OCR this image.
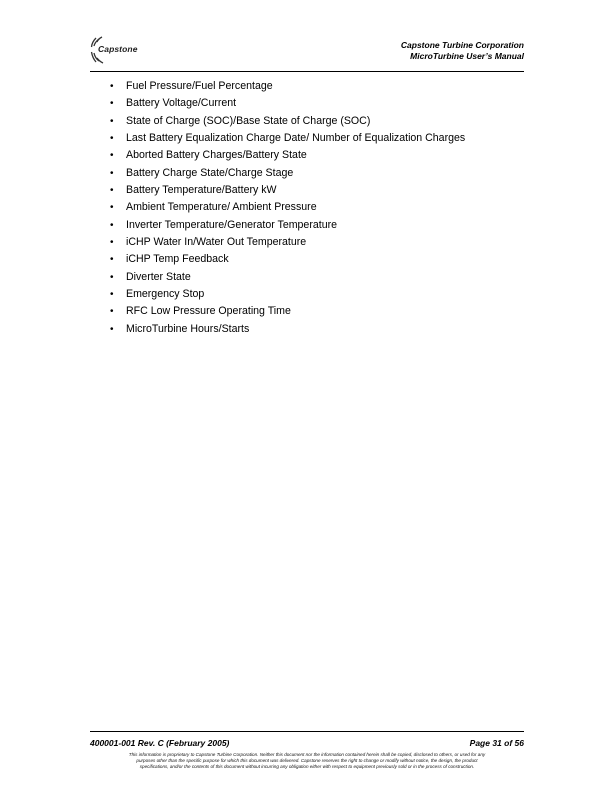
Capstone	Capstone Turbine Corporation
MicroTurbine User’s Manual
• Fuel Pressure/Fuel Percentage
• Battery Voltage/Current
• State of Charge (SOC)/Base State of Charge (SOC)
• Last Battery Equalization Charge Date/ Number of Equalization Charges
• Aborted Battery Charges/Battery State
• Battery Charge State/Charge Stage
• Battery Temperature/Battery kW
• Ambient Temperature/ Ambient Pressure
• Inverter Temperature/Generator Temperature
• iCHP Water In/Water Out Temperature
• iCHP Temp Feedback
• Diverter State
• Emergency Stop
• RFC Low Pressure Operating Time
• MicroTurbine Hours/Starts
400001-001 Rev. C (February 2005)	Page 31 of 56
This information is proprietary to Capstone Turbine Corporation. Neither this document nor the information contained herein shall be copied, disclosed to others, or used for any
purposes other than the specific purpose for which this document was delivered. Capstone reserves the right to change or modify without notice, the design, the product
specifications, and/or the contents of this document without incurring any obligation either with respect to equipment previously sold or in the process of construction.
